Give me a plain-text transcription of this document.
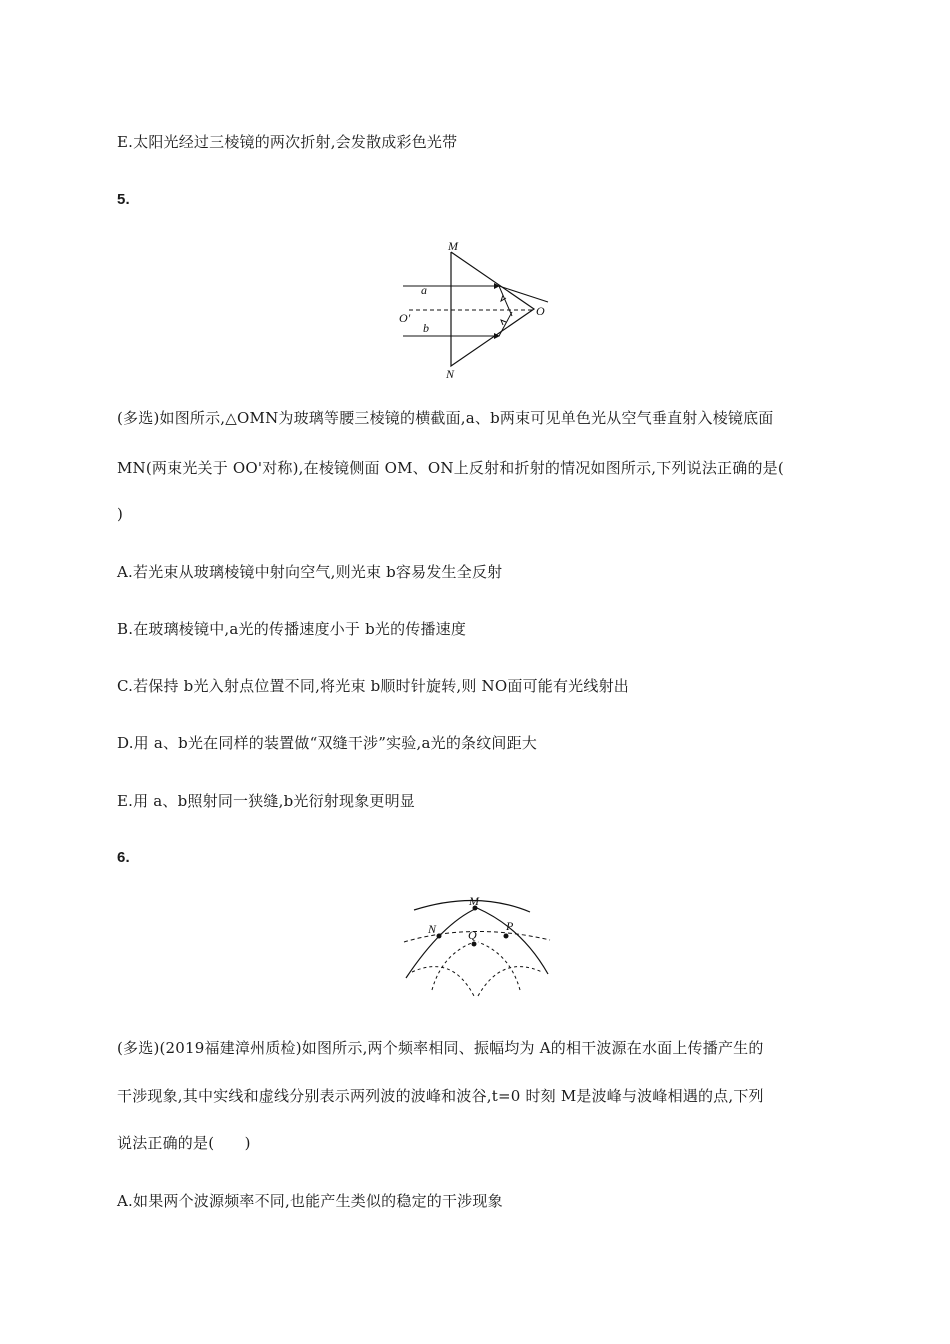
E.太阳光经过三棱镜的两次折射,会发散成彩色光带
5.
M
N
O
O'
a
b
(多选)如图所示,△OMN为玻璃等腰三棱镜的横截面,a、b两束可见单色光从空气垂直射入棱镜底面
MN(两束光关于 OO'对称),在棱镜侧面 OM、ON上反射和折射的情况如图所示,下列说法正确的是(
)
A.若光束从玻璃棱镜中射向空气,则光束 b容易发生全反射
B.在玻璃棱镜中,a光的传播速度小于 b光的传播速度
C.若保持 b光入射点位置不同,将光束 b顺时针旋转,则 NO面可能有光线射出
D.用 a、b光在同样的装置做“双缝干涉”实验,a光的条纹间距大
E.用 a、b照射同一狭缝,b光衍射现象更明显
6.
M
N	Q
P
(多选)(2019福建漳州质检)如图所示,两个频率相同、振幅均为 A的相干波源在水面上传播产生的
干涉现象,其中实线和虚线分别表示两列波的波峰和波谷,t=0 时刻 M是波峰与波峰相遇的点,下列
说法正确的是(　　)
A.如果两个波源频率不同,也能产生类似的稳定的干涉现象
